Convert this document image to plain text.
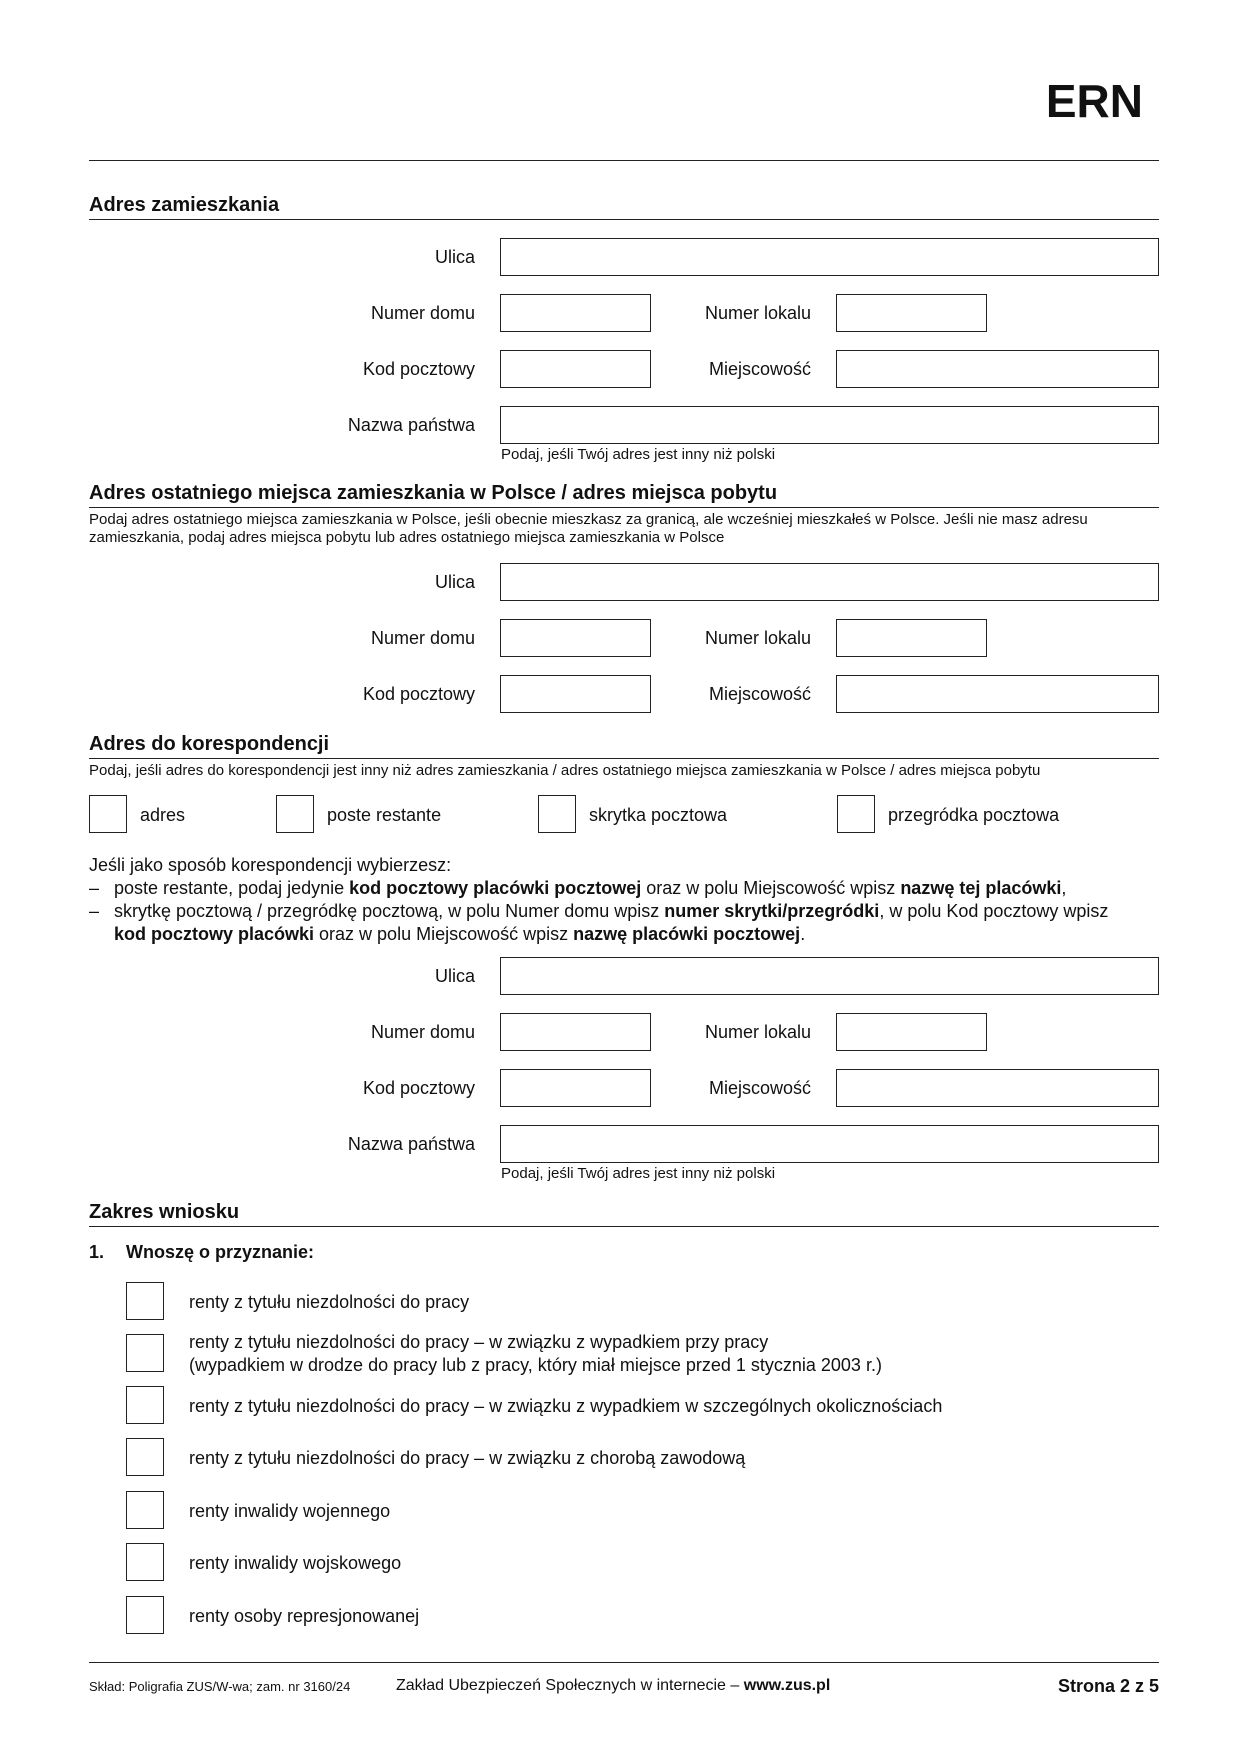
ERN
Adres zamieszkania
Ulica
Numer domu	Numer lokalu
Kod pocztowy	Miejscowość
Nazwa państwa
Podaj, jeśli Twój adres jest inny niż polski
Adres ostatniego miejsca zamieszkania w Polsce / adres miejsca pobytu
Podaj adres ostatniego miejsca zamieszkania w Polsce, jeśli obecnie mieszkasz za granicą, ale wcześniej mieszkałeś w Polsce. Jeśli nie masz adresu zamieszkania, podaj adres miejsca pobytu lub adres ostatniego miejsca zamieszkania w Polsce
Ulica
Numer domu	Numer lokalu
Kod pocztowy	Miejscowość
Adres do korespondencji
Podaj, jeśli adres do korespondencji jest inny niż adres zamieszkania / adres ostatniego miejsca zamieszkania w Polsce / adres miejsca pobytu
adres	poste restante	skrytka pocztowa	przegródka pocztowa
Jeśli jako sposób korespondencji wybierzesz:
– poste restante, podaj jedynie kod pocztowy placówki pocztowej oraz w polu Miejscowość wpisz nazwę tej placówki,
– skrytkę pocztową / przegródkę pocztową, w polu Numer domu wpisz numer skrytki/przegródki, w polu Kod pocztowy wpisz
kod pocztowy placówki oraz w polu Miejscowość wpisz nazwę placówki pocztowej.
Ulica
Numer domu	Numer lokalu
Kod pocztowy	Miejscowość
Nazwa państwa
Podaj, jeśli Twój adres jest inny niż polski
Zakres wniosku
1. Wnoszę o przyznanie:
renty z tytułu niezdolności do pracy
renty z tytułu niezdolności do pracy – w związku z wypadkiem przy pracy
(wypadkiem w drodze do pracy lub z pracy, który miał miejsce przed 1 stycznia 2003 r.)
renty z tytułu niezdolności do pracy – w związku z wypadkiem w szczególnych okolicznościach
renty z tytułu niezdolności do pracy – w związku z chorobą zawodową
renty inwalidy wojennego
renty inwalidy wojskowego
renty osoby represjonowanej
Skład: Poligrafia ZUS/W-wa; zam. nr 3160/24	Zakład Ubezpieczeń Społecznych w internecie – www.zus.pl	Strona 2 z 5
